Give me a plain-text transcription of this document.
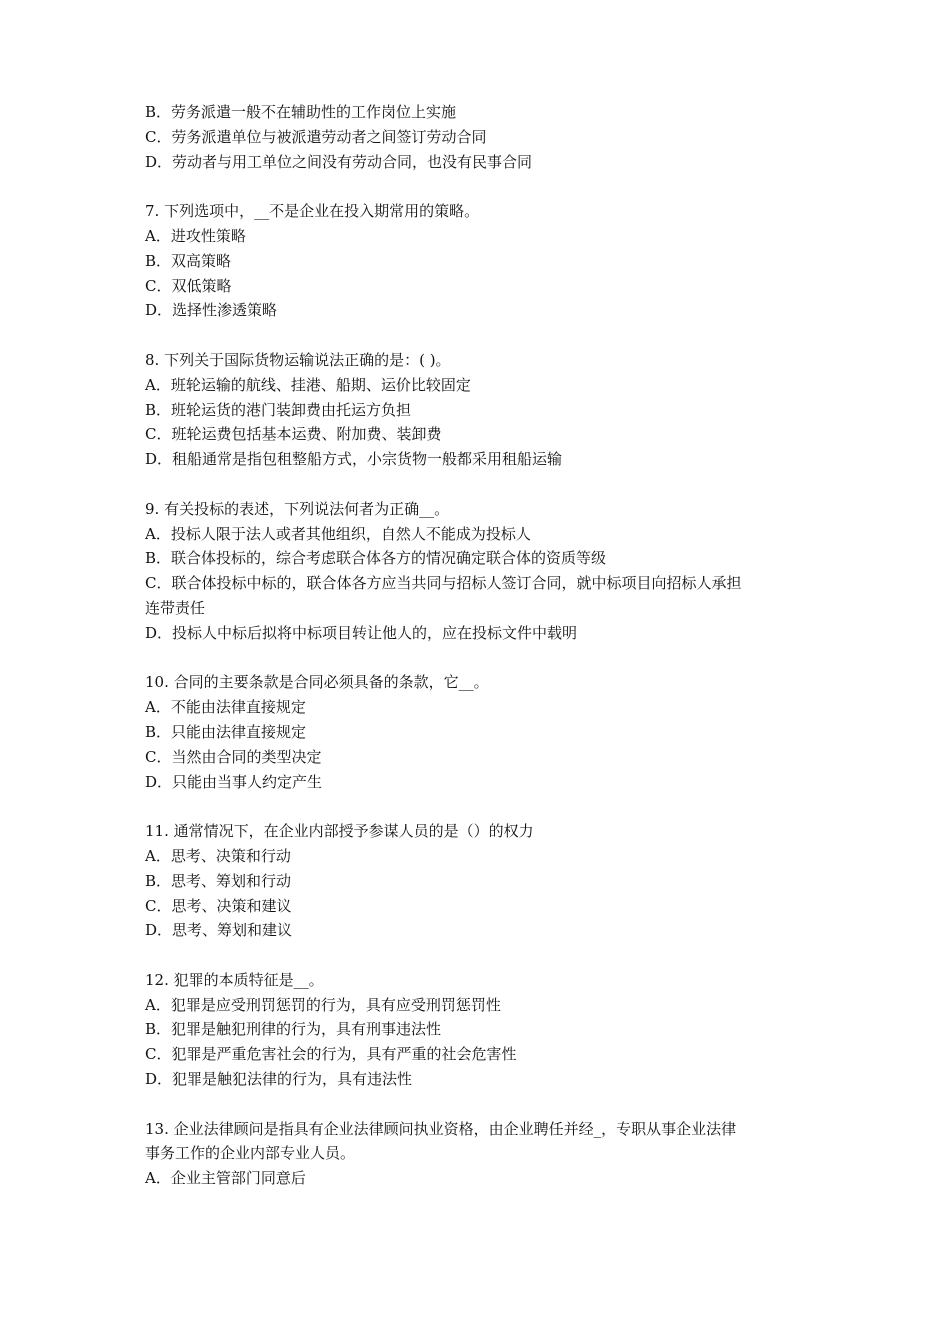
B．劳务派遣一般不在辅助性的工作岗位上实施
C．劳务派遣单位与被派遣劳动者之间签订劳动合同
D．劳动者与用工单位之间没有劳动合同，也没有民事合同
7. 下列选项中，__不是企业在投入期常用的策略。
A．进攻性策略
B．双高策略
C．双低策略
D．选择性渗透策略
8. 下列关于国际货物运输说法正确的是：( )。
A．班轮运输的航线、挂港、船期、运价比较固定
B．班轮运货的港门装卸费由托运方负担
C．班轮运费包括基本运费、附加费、装卸费
D．租船通常是指包租整船方式，小宗货物一般都采用租船运输
9. 有关投标的表述，下列说法何者为正确__。
A．投标人限于法人或者其他组织，自然人不能成为投标人
B．联合体投标的，综合考虑联合体各方的情况确定联合体的资质等级
C．联合体投标中标的，联合体各方应当共同与招标人签订合同，就中标项目向招标人承担
连带责任
D．投标人中标后拟将中标项目转让他人的，应在投标文件中载明
10. 合同的主要条款是合同必须具备的条款，它__。
A．不能由法律直接规定
B．只能由法律直接规定
C．当然由合同的类型决定
D．只能由当事人约定产生
11. 通常情况下，在企业内部授予参谋人员的是（）的权力
A．思考、决策和行动
B．思考、筹划和行动
C．思考、决策和建议
D．思考、筹划和建议
12. 犯罪的本质特征是__。
A．犯罪是应受刑罚惩罚的行为，具有应受刑罚惩罚性
B．犯罪是触犯刑律的行为，具有刑事违法性
C．犯罪是严重危害社会的行为，具有严重的社会危害性
D．犯罪是触犯法律的行为，具有违法性
13. 企业法律顾问是指具有企业法律顾问执业资格，由企业聘任并经_，专职从事企业法律
事务工作的企业内部专业人员。
A．企业主管部门同意后
